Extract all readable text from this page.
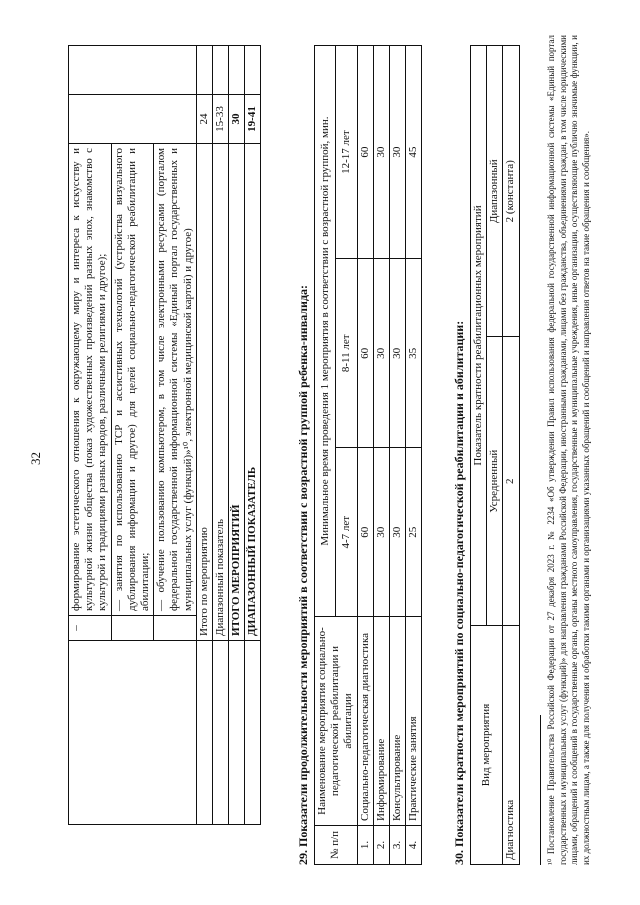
32
	–	формирование эстетического отношения к окружающему миру и интереса к искусству и культурной жизни общества (показ художественных произведений разных эпох, знакомство с культурой и традициями разных народов, различными религиями и другое);		
		— занятия по использованию ТСР и ассистивных технологий (устройства визуального дублирования информации и другое) для целей социально-педагогической реабилитации и абилитации;		
		— обучение пользованию компьютером, в том числе электронными ресурсами (порталом федеральной государственной информационной системы «Единый портал государственных и муниципальных услуг (функций)»¹⁰, электронной медицинской картой) и другое)		
	Итого по мероприятию		24	
	Диапазонный показатель		15-33	
	ИТОГО МЕРОПРИЯТИЙ		30	
	ДИАПАЗОННЫЙ ПОКАЗАТЕЛЬ		19-41	
29. Показатели продолжительности мероприятий в соответствии с возрастной группой ребенка-инвалида: № п/п	Наименование мероприятия социально-педагогической реабилитации и абилитации	Минимальное время проведения 1 мероприятия в соответствии с возрастной группой, мин.		
		4-7 лет	8-11 лет	12-17 лет
1.	Социально-педагогическая диагностика	60	60	60
2.	Информирование	30	30	30
3.	Консультирование	30	30	30
4.	Практические занятия	25	35	45
30. Показатели кратности мероприятий по социально-педагогической реабилитации и абилитации: Вид мероприятия	Показатель кратности реабилитационных мероприятий	
	Усредненный	Диапазонный
Диагностика	2	2 (константа)	¹⁰ Постановление Правительства Российской Федерации от 27 декабря 2023 г. № 2234 «Об утверждении Правил использования федеральной государственной информационной системы «Единый портал государственных и муниципальных услуг (функций)» для направления гражданами Российской Федерации, иностранными гражданами, лицами без гражданства, объединениями граждан, в том числе юридическими лицами, обращений и сообщений в государственные органы, органы местного самоуправления, государственные и муниципальные учреждения, иные организации, осуществляющие публично значимые функции, и их должностным лицам, а также для получения и обработки такими органами и организациями указанных обращений и сообщений и направления ответов на такие обращения и сообщения».
